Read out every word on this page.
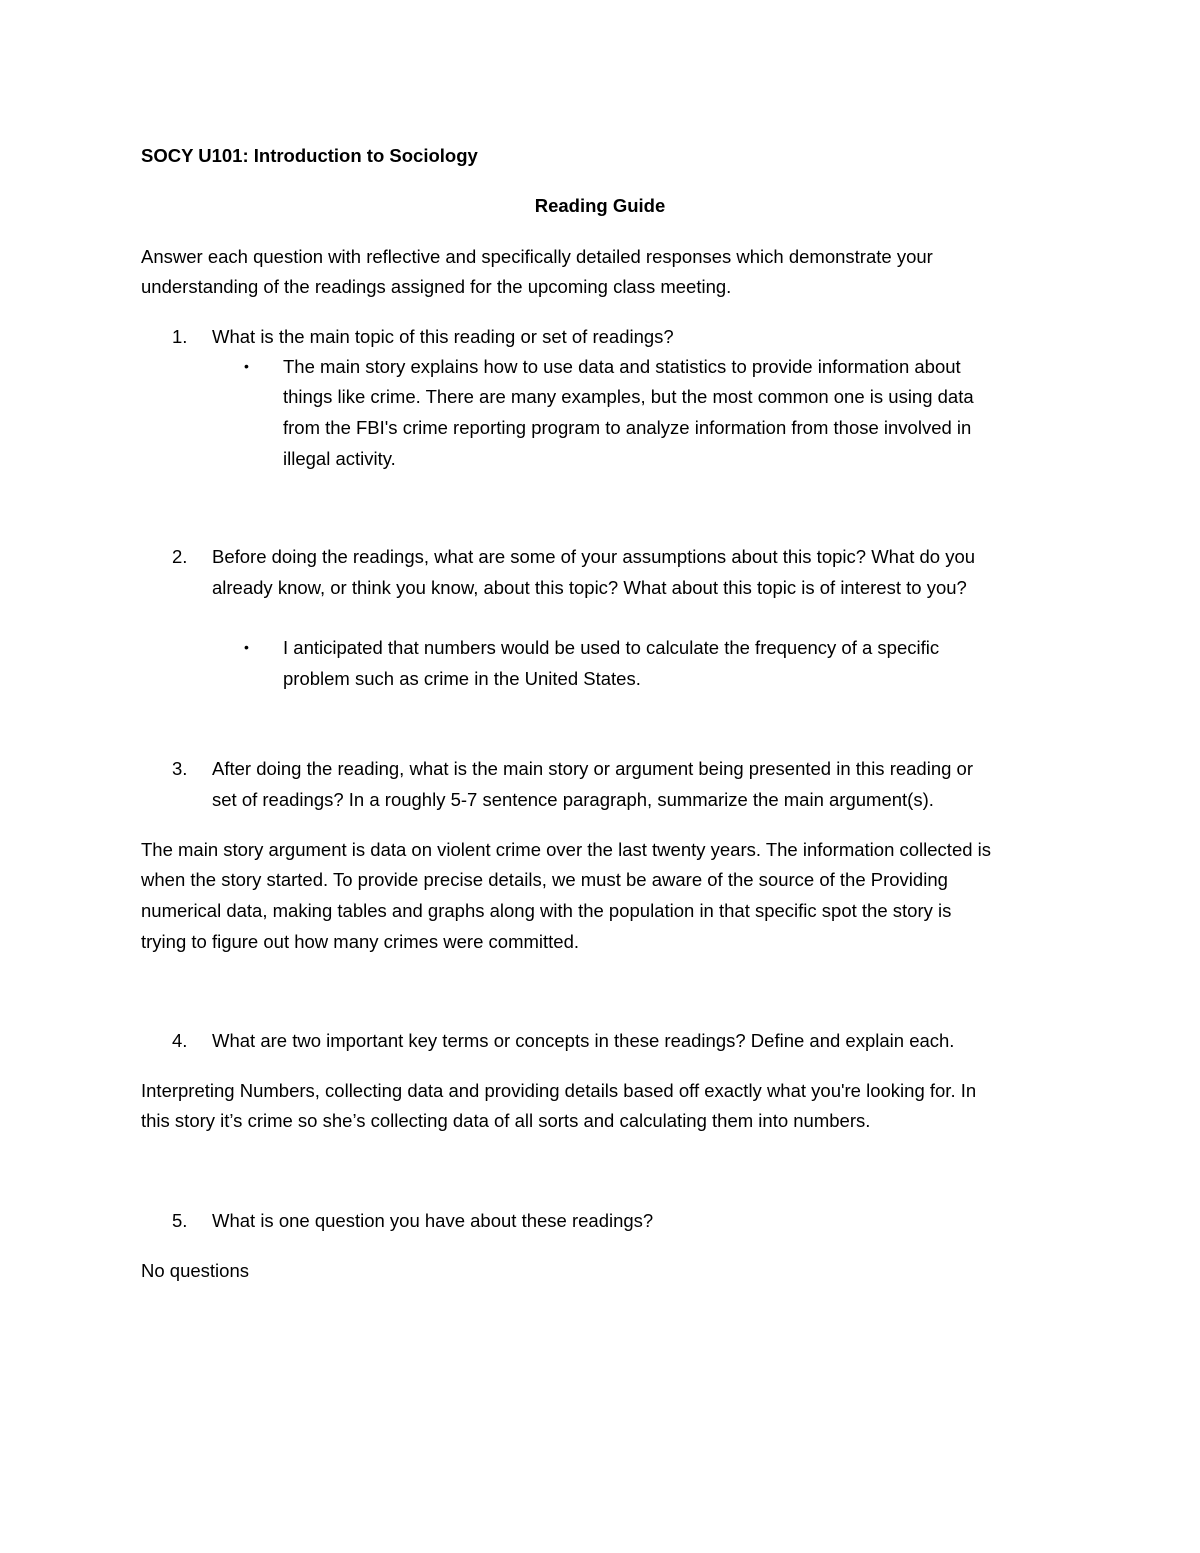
SOCY U101: Introduction to Sociology
Reading Guide
Answer each question with reflective and specifically detailed responses which demonstrate your
understanding of the readings assigned for the upcoming class meeting.
1. What is the main topic of this reading or set of readings?
• The main story explains how to use data and statistics to provide information about
things like crime. There are many examples, but the most common one is using data
from the FBI's crime reporting program to analyze information from those involved in
illegal activity.
2. Before doing the readings, what are some of your assumptions about this topic? What do you
already know, or think you know, about this topic? What about this topic is of interest to you?
• I anticipated that numbers would be used to calculate the frequency of a specific
problem such as crime in the United States.
3. After doing the reading, what is the main story or argument being presented in this reading or
set of readings? In a roughly 5-7 sentence paragraph, summarize the main argument(s).
The main story argument is data on violent crime over the last twenty years. The information collected is
when the story started. To provide precise details, we must be aware of the source of the Providing
numerical data, making tables and graphs along with the population in that specific spot the story is
trying to figure out how many crimes were committed.
4. What are two important key terms or concepts in these readings? Define and explain each.
Interpreting Numbers, collecting data and providing details based off exactly what you're looking for. In
this story it’s crime so she’s collecting data of all sorts and calculating them into numbers.
5. What is one question you have about these readings?
No questions
